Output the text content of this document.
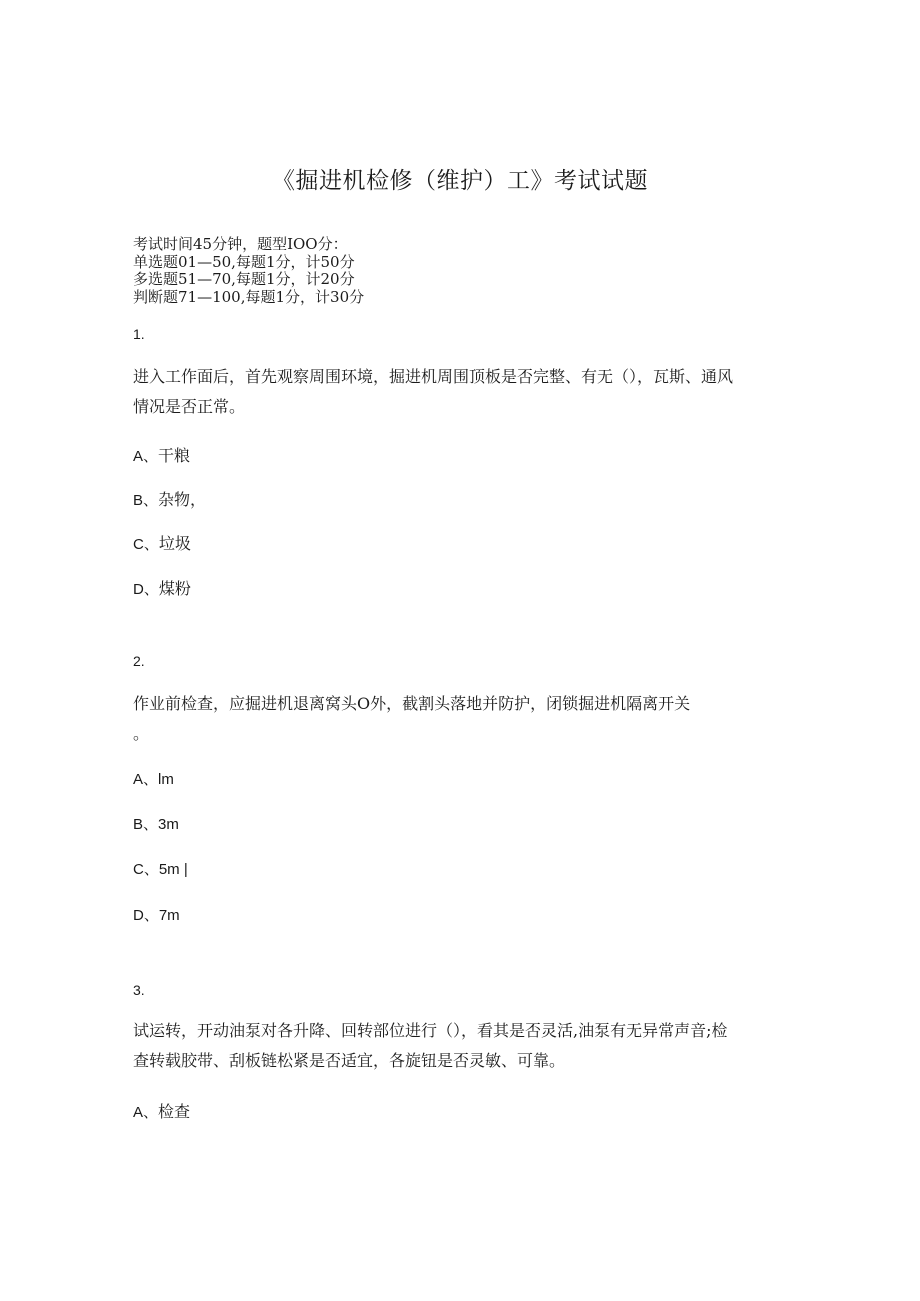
《掘进机检修（维护）工》考试试题
考试时间45分钟，题型IOO分：
单选题01—50,每题1分，计50分
多选题51—70,每题1分，计20分
判断题71—100,每题1分，计30分
1.
进入工作面后，首先观察周围环境，掘进机周围顶板是否完整、有无（），瓦斯、通风
情况是否正常。
A、干粮
B、杂物，
C、垃圾
D、煤粉
2.
作业前检查，应掘进机退离窝头O外，截割头落地并防护，闭锁掘进机隔离开关
。
A、lm
B、3m
C、5m |
D、7m
3.
试运转，开动油泵对各升降、回转部位进行（），看其是否灵活,油泵有无异常声音;检
查转载胶带、刮板链松紧是否适宜，各旋钮是否灵敏、可靠。
A、检查
